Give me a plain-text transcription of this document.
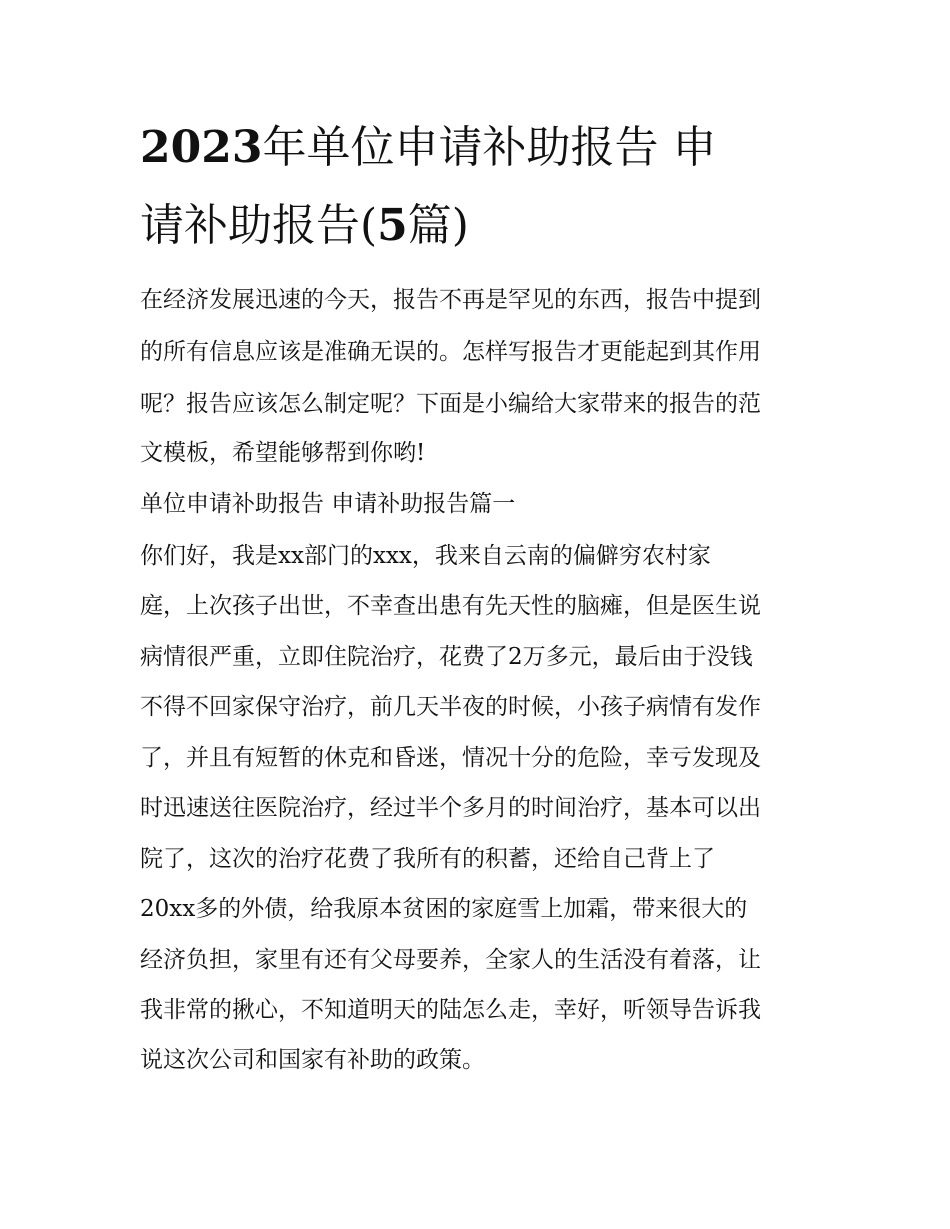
2023年单位申请补助报告 申
请补助报告(5篇)

在经济发展迅速的今天，报告不再是罕见的东西，报告中提到

的所有信息应该是准确无误的。怎样写报告才更能起到其作用

呢？报告应该怎么制定呢？下面是小编给大家带来的报告的范

文模板，希望能够帮到你哟!

单位申请补助报告 申请补助报告篇一

你们好，我是xx部门的xxx，我来自云南的偏僻穷农村家

庭，上次孩子出世，不幸查出患有先天性的脑瘫，但是医生说

病情很严重，立即住院治疗，花费了2万多元，最后由于没钱

不得不回家保守治疗，前几天半夜的时候，小孩子病情有发作

了，并且有短暂的休克和昏迷，情况十分的危险，幸亏发现及

时迅速送往医院治疗，经过半个多月的时间治疗，基本可以出

院了，这次的治疗花费了我所有的积蓄，还给自己背上了

20xx多的外债，给我原本贫困的家庭雪上加霜，带来很大的

经济负担，家里有还有父母要养，全家人的生活没有着落，让

我非常的揪心，不知道明天的陆怎么走，幸好，听领导告诉我

说这次公司和国家有补助的政策。
